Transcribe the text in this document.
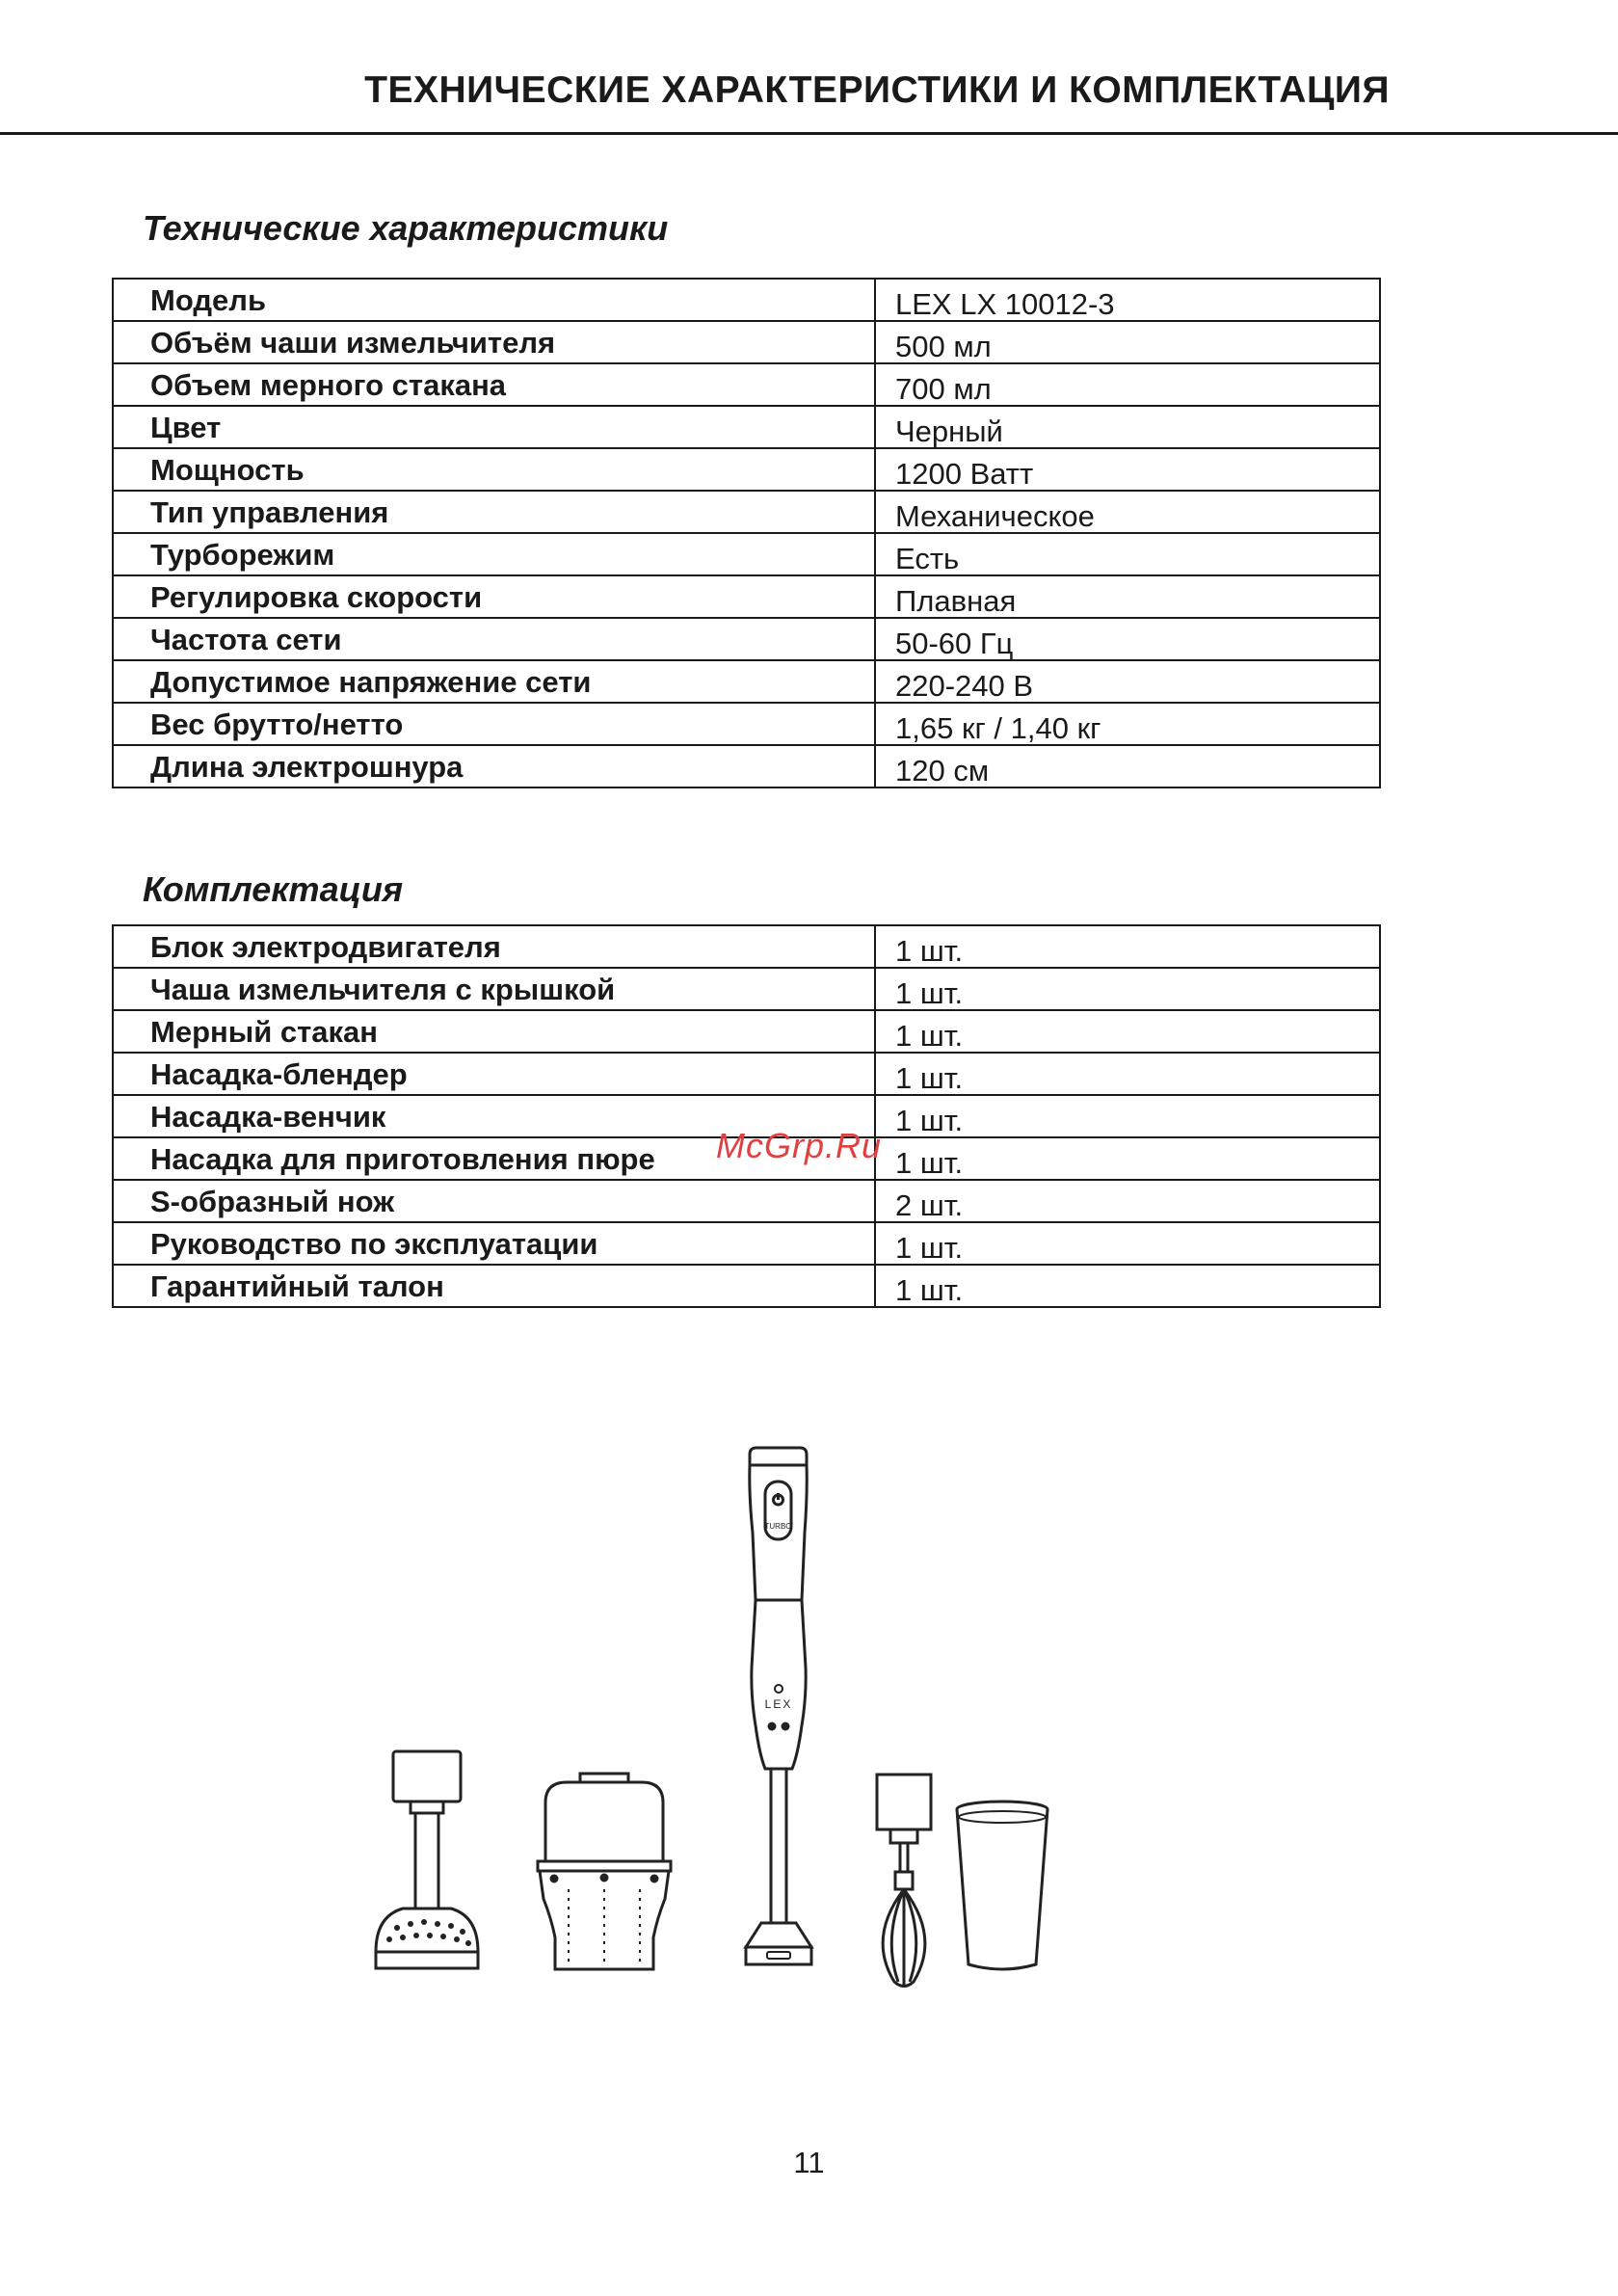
ТЕХНИЧЕСКИЕ ХАРАКТЕРИСТИКИ И КОМПЛЕКТАЦИЯ
Технические характеристики
Модель	LEX LX 10012-3
Объём чаши измельчителя	500 мл
Объем мерного стакана	700 мл
Цвет	Черный
Мощность	1200 Ватт
Тип управления	Механическое
Турборежим	Есть
Регулировка скорости	Плавная
Частота сети	50-60 Гц
Допустимое напряжение сети	220-240 В
Вес брутто/нетто	1,65 кг / 1,40 кг
Длина электрошнура	120 см
Комплектация
Блок электродвигателя	1 шт.
Чаша измельчителя с крышкой	1 шт.
Мерный стакан	1 шт.
Насадка-блендер	1 шт.
Насадка-венчик	1 шт.
Насадка для приготовления пюре	1 шт.
S-образный нож	2 шт.
Руководство по эксплуатации	1 шт.
Гарантийный талон	1 шт.
McGrp.Ru
TURBO
LEX
11
